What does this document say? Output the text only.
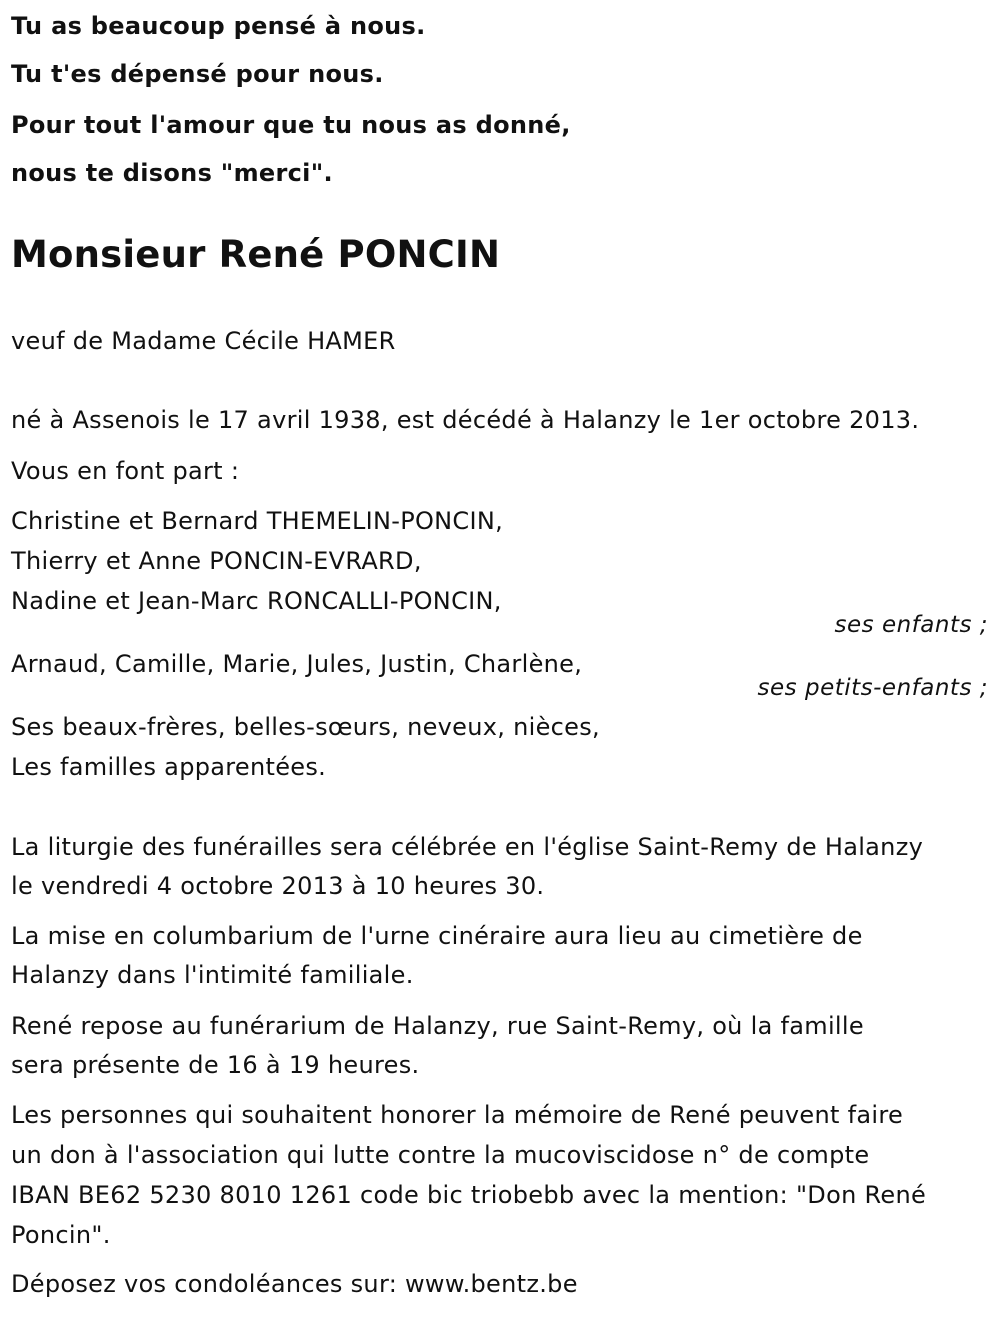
Tu as beaucoup pensé à nous.
Tu t'es dépensé pour nous.
Pour tout l'amour que tu nous as donné,
nous te disons "merci".
Monsieur René PONCIN
veuf de Madame Cécile HAMER
né à Assenois le 17 avril 1938, est décédé à Halanzy le 1er octobre 2013.
Vous en font part :
Christine et Bernard THEMELIN-PONCIN,
Thierry et Anne PONCIN-EVRARD,
Nadine et Jean-Marc RONCALLI-PONCIN,
ses enfants ;
Arnaud, Camille, Marie, Jules, Justin, Charlène,
ses petits-enfants ;
Ses beaux-frères, belles-sœurs, neveux, nièces,
Les familles apparentées.
La liturgie des funérailles sera célébrée en l'église Saint-Remy de Halanzy
le vendredi 4 octobre 2013 à 10 heures 30.
La mise en columbarium de l'urne cinéraire aura lieu au cimetière de
Halanzy dans l'intimité familiale.
René repose au funérarium de Halanzy, rue Saint-Remy, où la famille
sera présente de 16 à 19 heures.
Les personnes qui souhaitent honorer la mémoire de René peuvent faire
un don à l'association qui lutte contre la mucoviscidose n° de compte
IBAN BE62 5230 8010 1261 code bic triobebb avec la mention: "Don René
Poncin".
Déposez vos condoléances sur: www.bentz.be
